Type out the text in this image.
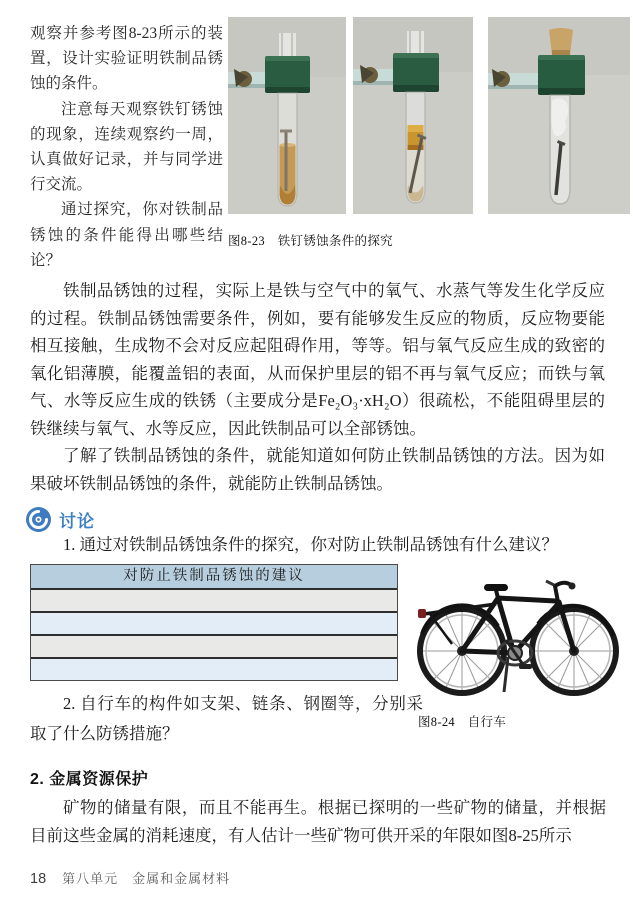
观察并参考图8-23所示的装置，设计实验证明铁制品锈蚀的条件。

注意每天观察铁钉锈蚀的现象，连续观察约一周，认真做好记录，并与同学进行交流。

通过探究，你对铁制品锈蚀的条件能得出哪些结论？

图8-23　铁钉锈蚀条件的探究

铁制品锈蚀的过程，实际上是铁与空气中的氧气、水蒸气等发生化学反应的过程。铁制品锈蚀需要条件，例如，要有能够发生反应的物质，反应物要能相互接触，生成物不会对反应起阻碍作用，等等。铝与氧气反应生成的致密的氧化铝薄膜，能覆盖铝的表面，从而保护里层的铝不再与氧气反应；而铁与氧气、水等反应生成的铁锈（主要成分是Fe₂O₃·xH₂O）很疏松，不能阻碍里层的铁继续与氧气、水等反应，因此铁制品可以全部锈蚀。

了解了铁制品锈蚀的条件，就能知道如何防止铁制品锈蚀的方法。因为如果破坏铁制品锈蚀的条件，就能防止铁制品锈蚀。

讨论

1. 通过对铁制品锈蚀条件的探究，你对防止铁制品锈蚀有什么建议？

对防止铁制品锈蚀的建议

2. 自行车的构件如支架、链条、钢圈等，分别采取了什么防锈措施？

图8-24　自行车
2. 金属资源保护

矿物的储量有限，而且不能再生。根据已探明的一些矿物的储量，并根据目前这些金属的消耗速度，有人估计一些矿物可供开采的年限如图8-25所示

18 第八单元　金属和金属材料
